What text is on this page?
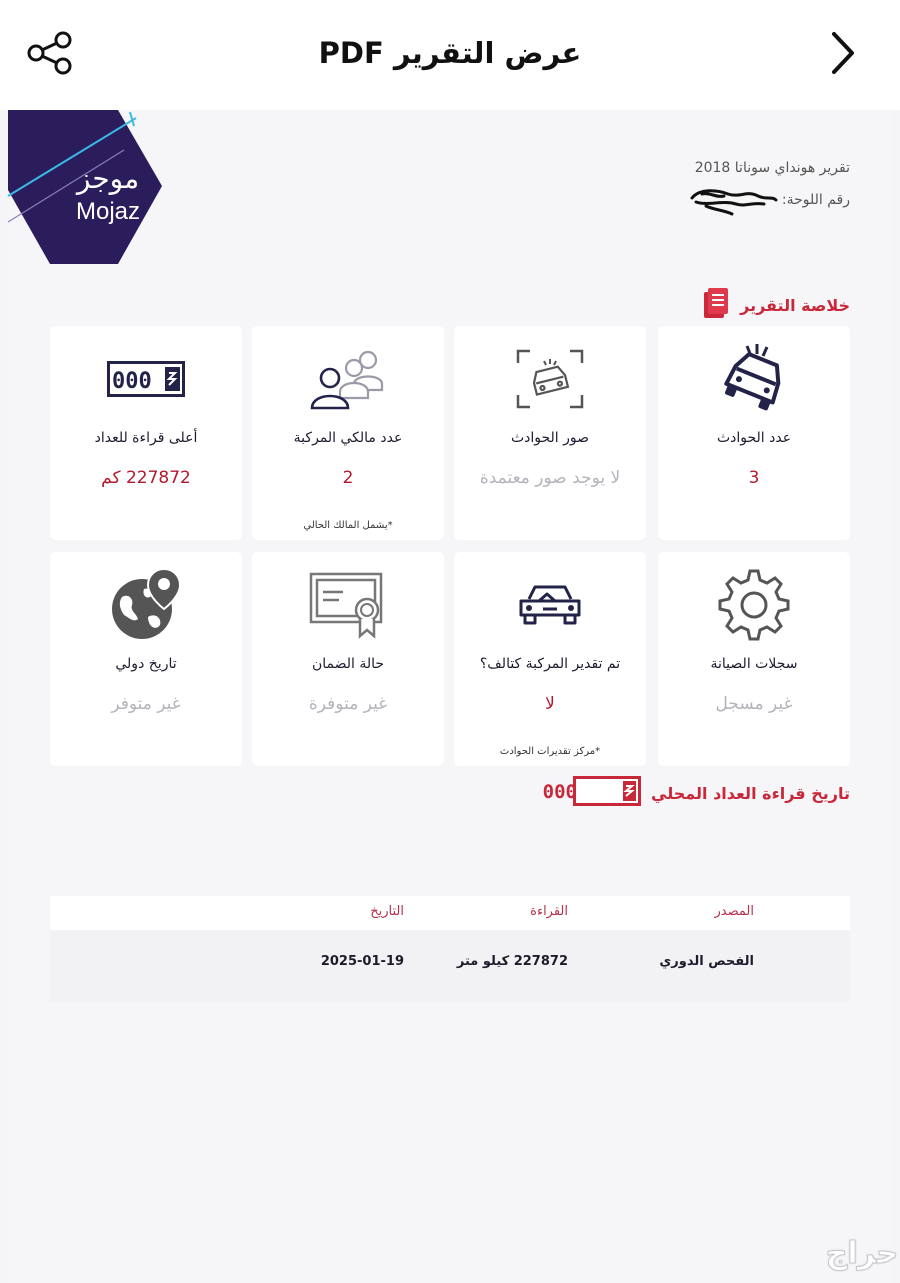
عرض التقرير PDF
موجز
Mojaz
تقرير هونداي سوناتا 2018
رقم اللوحة:
خلاصة التقرير
عدد الحوادث
3
صور الحوادث
لا يوجد صور معتمدة
عدد مالكي المركبة
2
*يشمل المالك الحالي
000
أعلى قراءة للعداد
227872 كم
سجلات الصيانة
غير مسجل
تم تقدير المركبة كتالف؟
لا
*مركز تقديرات الحوادث
حالة الضمان
غير متوفرة
تاريخ دولي
غير متوفر
000	تاريخ قراءة العداد المحلي
المصدر
القراءة
التاريخ
الفحص الدوري
227872 كيلو متر
2025-01-19
حراج
